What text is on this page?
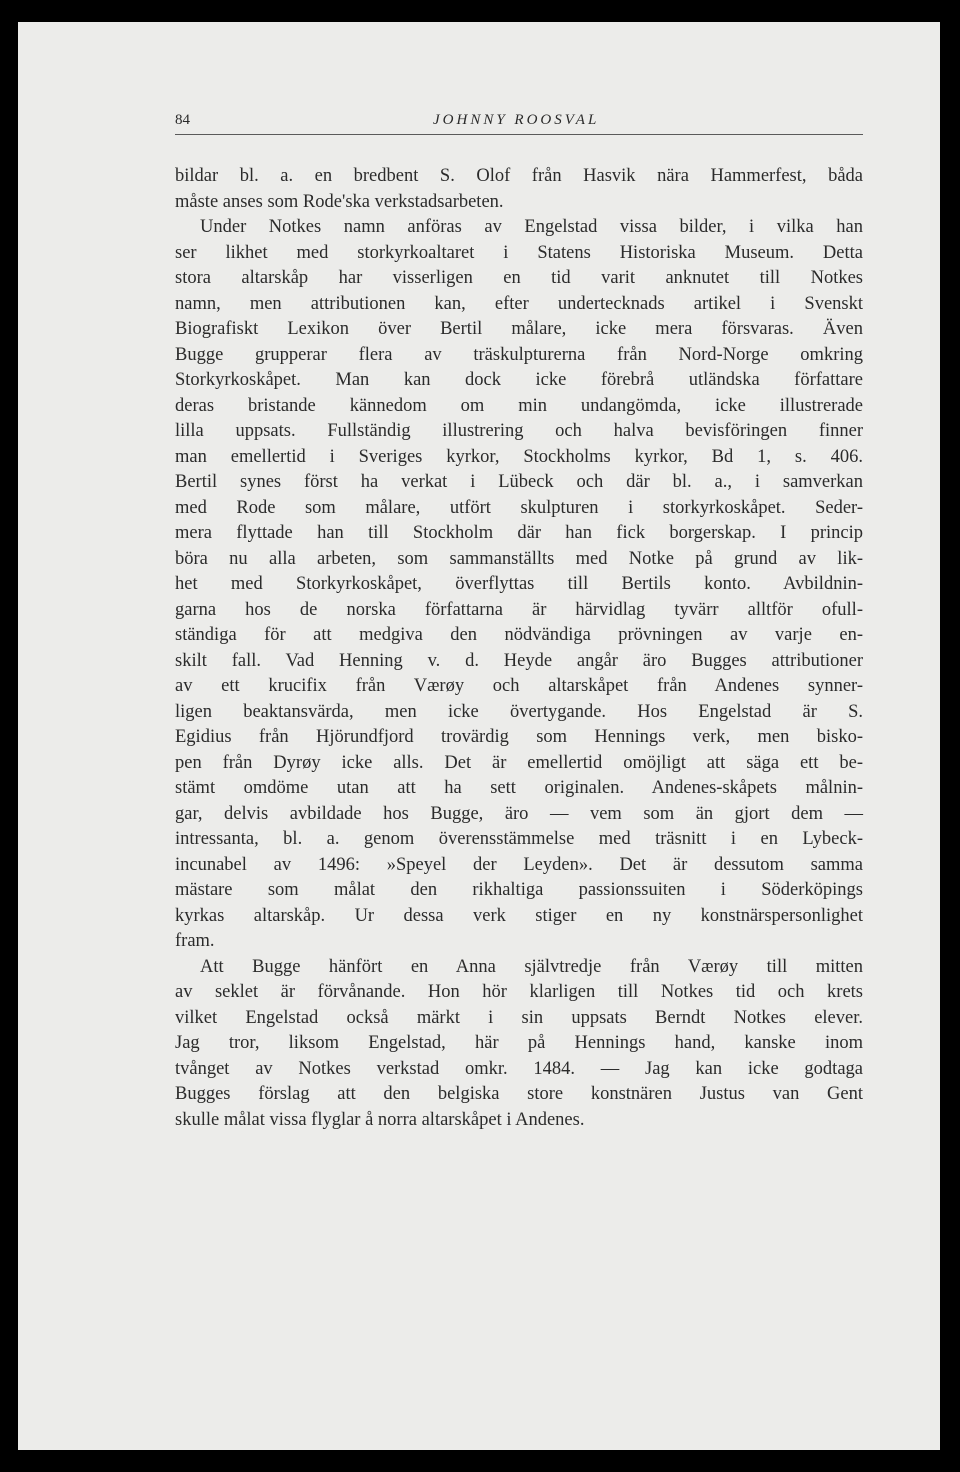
84	JOHNNY ROOSVAL

bildar bl. a. en bredbent S. Olof från Hasvik nära Hammerfest, båda
måste anses som Rode'ska verkstadsarbeten.

Under Notkes namn anföras av Engelstad vissa bilder, i vilka han
ser likhet med storkyrkoaltaret i Statens Historiska Museum. Detta
stora altarskåp har visserligen en tid varit anknutet till Notkes
namn, men attributionen kan, efter undertecknads artikel i Svenskt
Biografiskt Lexikon över Bertil målare, icke mera försvaras. Även
Bugge grupperar flera av träskulpturerna från Nord-Norge omkring
Storkyrkoskåpet. Man kan dock icke förebrå utländska författare
deras bristande kännedom om min undangömda, icke illustrerade
lilla uppsats. Fullständig illustrering och halva bevisföringen finner
man emellertid i Sveriges kyrkor, Stockholms kyrkor, Bd 1, s. 406.
Bertil synes först ha verkat i Lübeck och där bl. a., i samverkan
med Rode som målare, utfört skulpturen i storkyrkoskåpet. Seder-
mera flyttade han till Stockholm där han fick borgerskap. I princip
böra nu alla arbeten, som sammanställts med Notke på grund av lik-
het med Storkyrkoskåpet, överflyttas till Bertils konto. Avbildnin-
garna hos de norska författarna är härvidlag tyvärr alltför ofull-
ständiga för att medgiva den nödvändiga prövningen av varje en-
skilt fall. Vad Henning v. d. Heyde angår äro Bugges attributioner
av ett krucifix från Værøy och altarskåpet från Andenes synner-
ligen beaktansvärda, men icke övertygande. Hos Engelstad är S.
Egidius från Hjörundfjord trovärdig som Hennings verk, men bisko-
pen från Dyrøy icke alls. Det är emellertid omöjligt att säga ett be-
stämt omdöme utan att ha sett originalen. Andenes-skåpets målnin-
gar, delvis avbildade hos Bugge, äro — vem som än gjort dem —
intressanta, bl. a. genom överensstämmelse med träsnitt i en Lybeck-
incunabel av 1496: »Speyel der Leyden». Det är dessutom samma
mästare som målat den rikhaltiga passionssuiten i Söderköpings
kyrkas altarskåp. Ur dessa verk stiger en ny konstnärspersonlighet
fram.

Att Bugge hänfört en Anna självtredje från Værøy till mitten
av seklet är förvånande. Hon hör klarligen till Notkes tid och krets
vilket Engelstad också märkt i sin uppsats Berndt Notkes elever.
Jag tror, liksom Engelstad, här på Hennings hand, kanske inom
tvånget av Notkes verkstad omkr. 1484. — Jag kan icke godtaga
Bugges förslag att den belgiska store konstnären Justus van Gent
skulle målat vissa flyglar å norra altarskåpet i Andenes.
